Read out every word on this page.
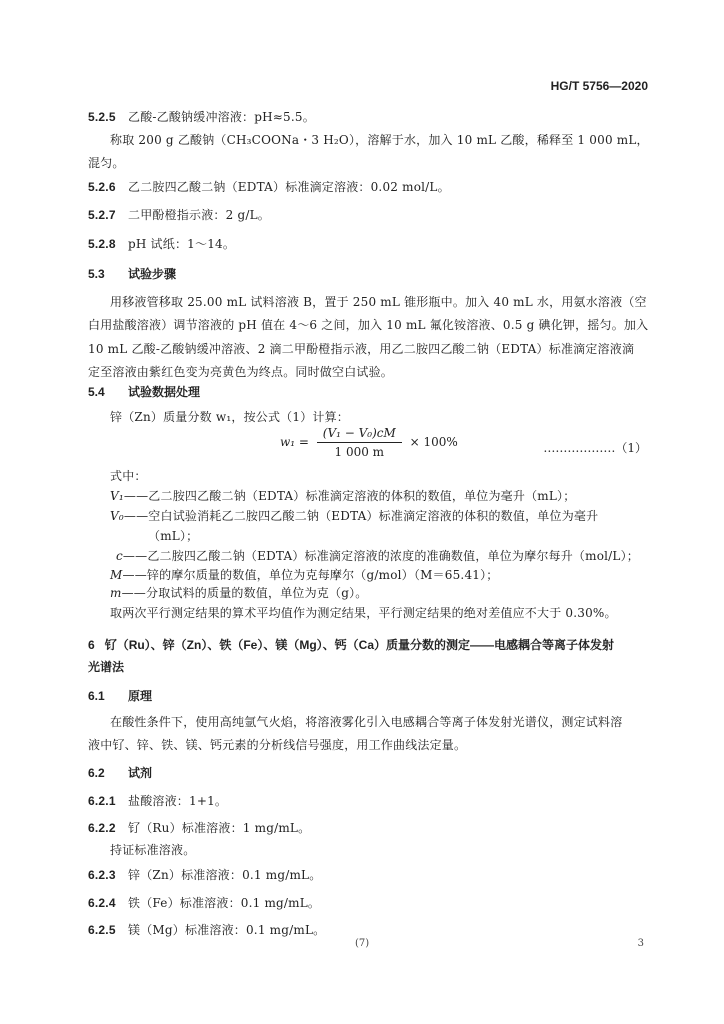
HG/T 5756—2020
5.2.5 乙酸-乙酸钠缓冲溶液：pH≈5.5。
称取 200 g 乙酸钠（CH₃COONa・3 H₂O），溶解于水，加入 10 mL 乙酸，稀释至 1 000 mL，
混匀。
5.2.6 乙二胺四乙酸二钠（EDTA）标准滴定溶液：0.02 mol/L。
5.2.7 二甲酚橙指示液：2 g/L。
5.2.8 pH 试纸：1～14。
5.3 试验步骤
用移液管移取 25.00 mL 试料溶液 B，置于 250 mL 锥形瓶中。加入 40 mL 水，用氨水溶液（空
白用盐酸溶液）调节溶液的 pH 值在 4～6 之间，加入 10 mL 氟化铵溶液、0.5 g 碘化钾，摇匀。加入
10 mL 乙酸-乙酸钠缓冲溶液、2 滴二甲酚橙指示液，用乙二胺四乙酸二钠（EDTA）标准滴定溶液滴
定至溶液由紫红色变为亮黄色为终点。同时做空白试验。
5.4 试验数据处理
锌（Zn）质量分数 w₁，按公式（1）计算：
$w_1 = \frac{\text{(V₁ − V₀)cM}}{1 000 m} \times 100\%$	………………（1）
式中：
V₁——乙二胺四乙酸二钠（EDTA）标准滴定溶液的体积的数值，单位为毫升（mL）；
V₀——空白试验消耗乙二胺四乙酸二钠（EDTA）标准滴定溶液的体积的数值，单位为毫升
（mL）；
c——乙二胺四乙酸二钠（EDTA）标准滴定溶液的浓度的准确数值，单位为摩尔每升（mol/L）；
M——锌的摩尔质量的数值，单位为克每摩尔（g/mol）（M＝65.41）；
m——分取试料的质量的数值，单位为克（g）。
取两次平行测定结果的算术平均值作为测定结果，平行测定结果的绝对差值应不大于 0.30%。
6 钌（Ru）、锌（Zn）、铁（Fe）、镁（Mg）、钙（Ca）质量分数的测定——电感耦合等离子体发射
光谱法
6.1 原理
在酸性条件下，使用高纯氩气火焰，将溶液雾化引入电感耦合等离子体发射光谱仪，测定试料溶
液中钌、锌、铁、镁、钙元素的分析线信号强度，用工作曲线法定量。
6.2 试剂
6.2.1 盐酸溶液：1+1。
6.2.2 钌（Ru）标准溶液：1 mg/mL。
持证标准溶液。
6.2.3 锌（Zn）标准溶液：0.1 mg/mL。
6.2.4 铁（Fe）标准溶液：0.1 mg/mL。
6.2.5 镁（Mg）标准溶液：0.1 mg/mL。
(7)	3
